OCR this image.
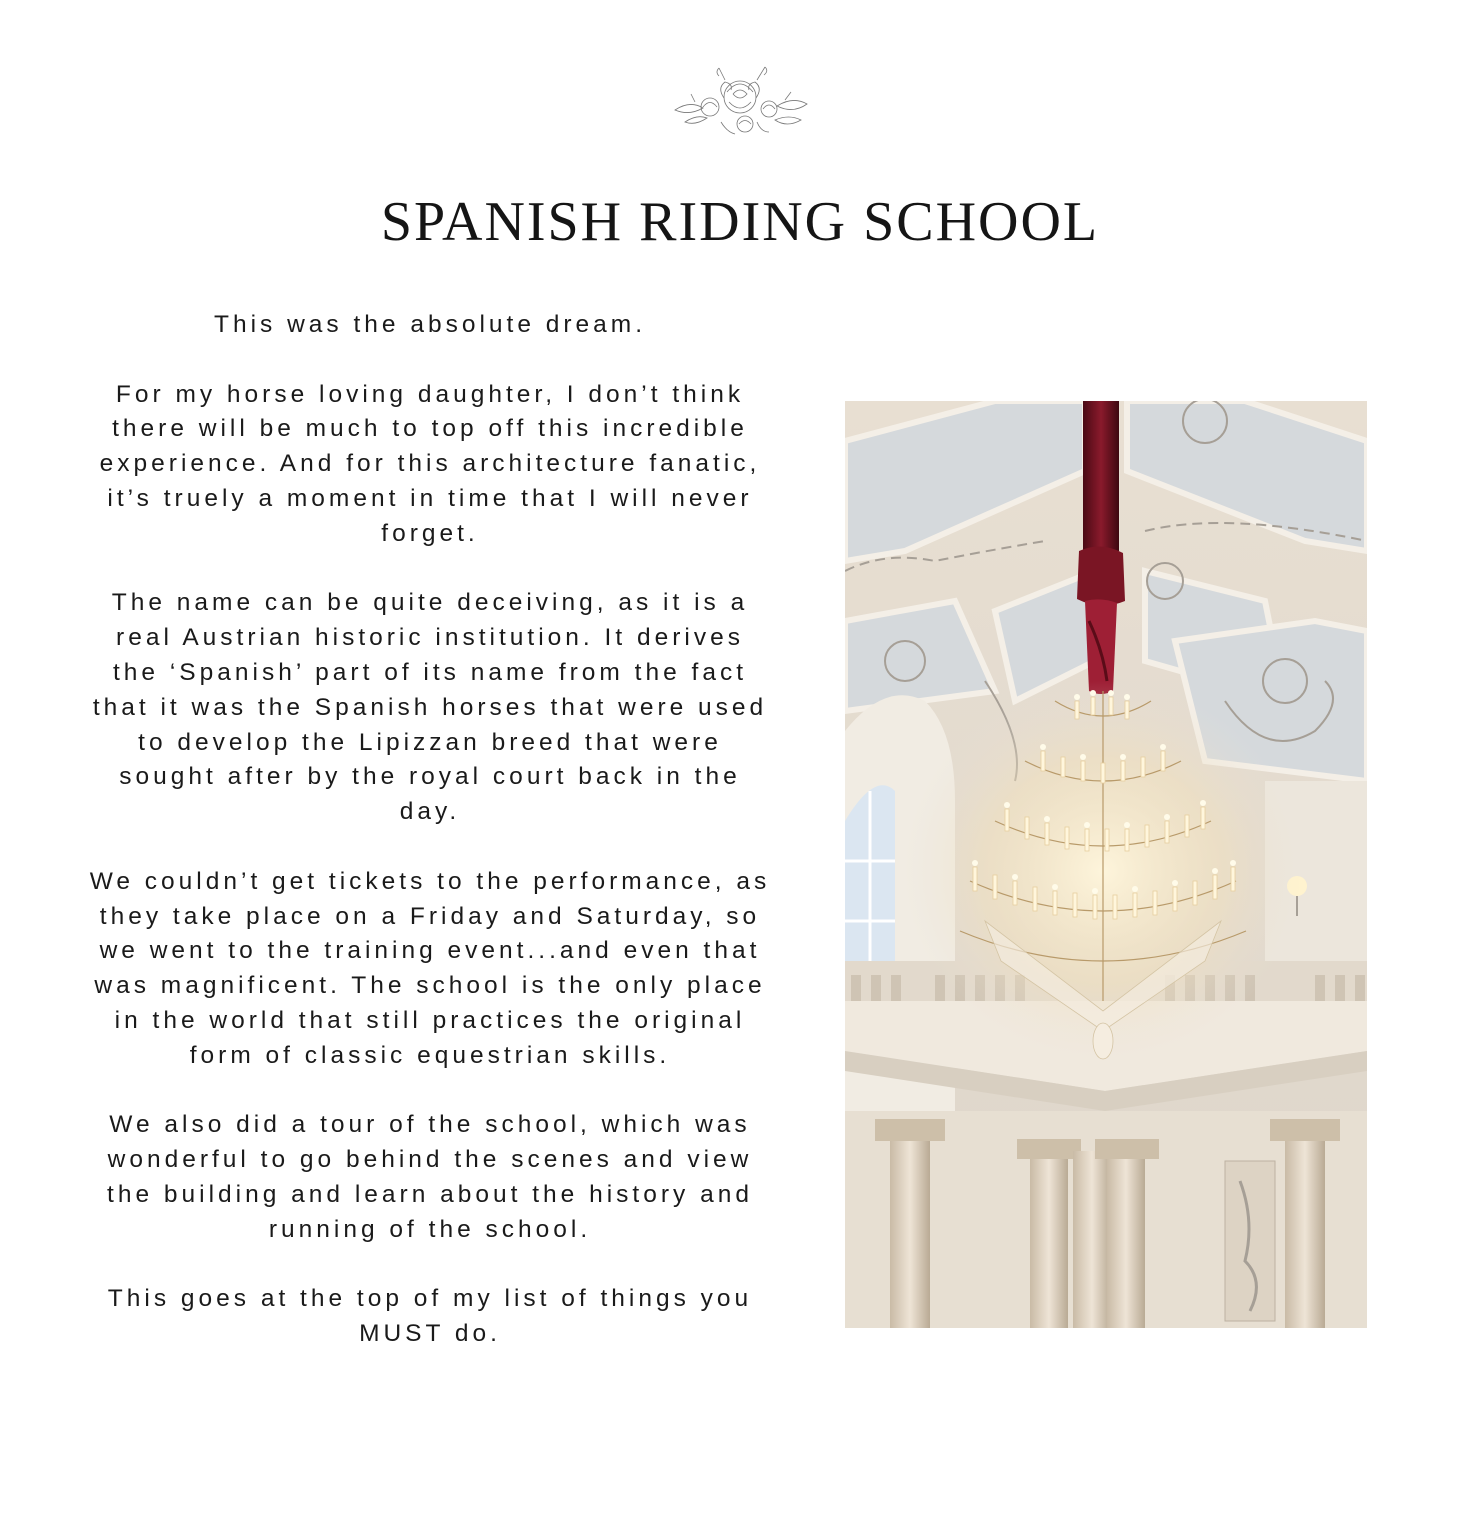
SPANISH RIDING SCHOOL

This was the absolute dream.

For my horse loving daughter, I don’t think there will be much to top off this incredible experience. And for this architecture fanatic, it’s truely a moment in time that I will never forget.

The name can be quite deceiving, as it is a real Austrian historic institution. It derives the ‘Spanish’ part of its name from the fact that it was the Spanish horses that were used to develop the Lipizzan breed that were sought after by the royal court back in the day.

We couldn’t get tickets to the performance, as they take place on a Friday and Saturday, so we went to the training event...and even that was magnificent. The school is the only place in the world that still practices the original form of classic equestrian skills.

We also did a tour of the school, which was wonderful to go behind the scenes and view the building and learn about the history and running of the school.

This goes at the top of my list of things you MUST do.
